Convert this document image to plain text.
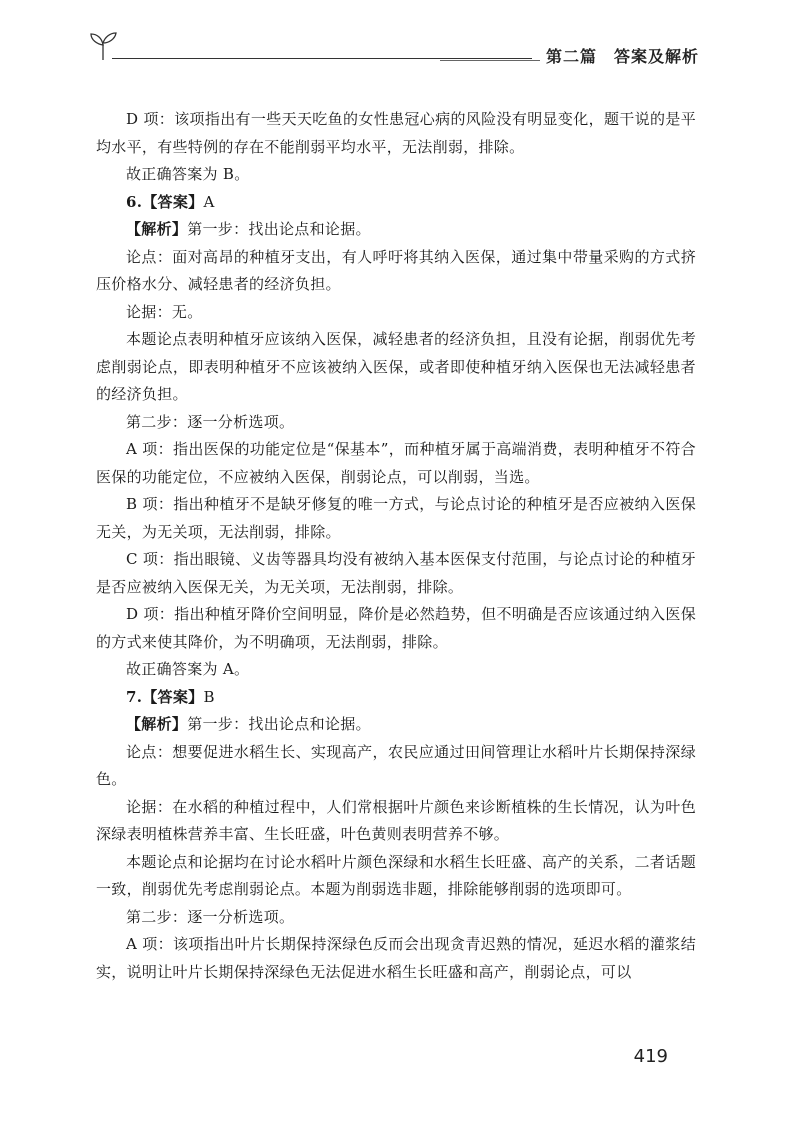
第二篇　答案及解析

D 项：该项指出有一些天天吃鱼的女性患冠心病的风险没有明显变化，题干说的是平均水平，有些特例的存在不能削弱平均水平，无法削弱，排除。

故正确答案为 B。

6.【答案】A

【解析】第一步：找出论点和论据。

论点：面对高昂的种植牙支出，有人呼吁将其纳入医保，通过集中带量采购的方式挤压价格水分、减轻患者的经济负担。

论据：无。

本题论点表明种植牙应该纳入医保，减轻患者的经济负担，且没有论据，削弱优先考虑削弱论点，即表明种植牙不应该被纳入医保，或者即使种植牙纳入医保也无法减轻患者的经济负担。

第二步：逐一分析选项。

A 项：指出医保的功能定位是“保基本”，而种植牙属于高端消费，表明种植牙不符合医保的功能定位，不应被纳入医保，削弱论点，可以削弱，当选。

B 项：指出种植牙不是缺牙修复的唯一方式，与论点讨论的种植牙是否应被纳入医保无关，为无关项，无法削弱，排除。

C 项：指出眼镜、义齿等器具均没有被纳入基本医保支付范围，与论点讨论的种植牙是否应被纳入医保无关，为无关项，无法削弱，排除。

D 项：指出种植牙降价空间明显，降价是必然趋势，但不明确是否应该通过纳入医保的方式来使其降价，为不明确项，无法削弱，排除。

故正确答案为 A。

7.【答案】B

【解析】第一步：找出论点和论据。

论点：想要促进水稻生长、实现高产，农民应通过田间管理让水稻叶片长期保持深绿色。

论据：在水稻的种植过程中，人们常根据叶片颜色来诊断植株的生长情况，认为叶色深绿表明植株营养丰富、生长旺盛，叶色黄则表明营养不够。

本题论点和论据均在讨论水稻叶片颜色深绿和水稻生长旺盛、高产的关系，二者话题一致，削弱优先考虑削弱论点。本题为削弱选非题，排除能够削弱的选项即可。

第二步：逐一分析选项。

A 项：该项指出叶片长期保持深绿色反而会出现贪青迟熟的情况，延迟水稻的灌浆结实，说明让叶片长期保持深绿色无法促进水稻生长旺盛和高产，削弱论点，可以

419
